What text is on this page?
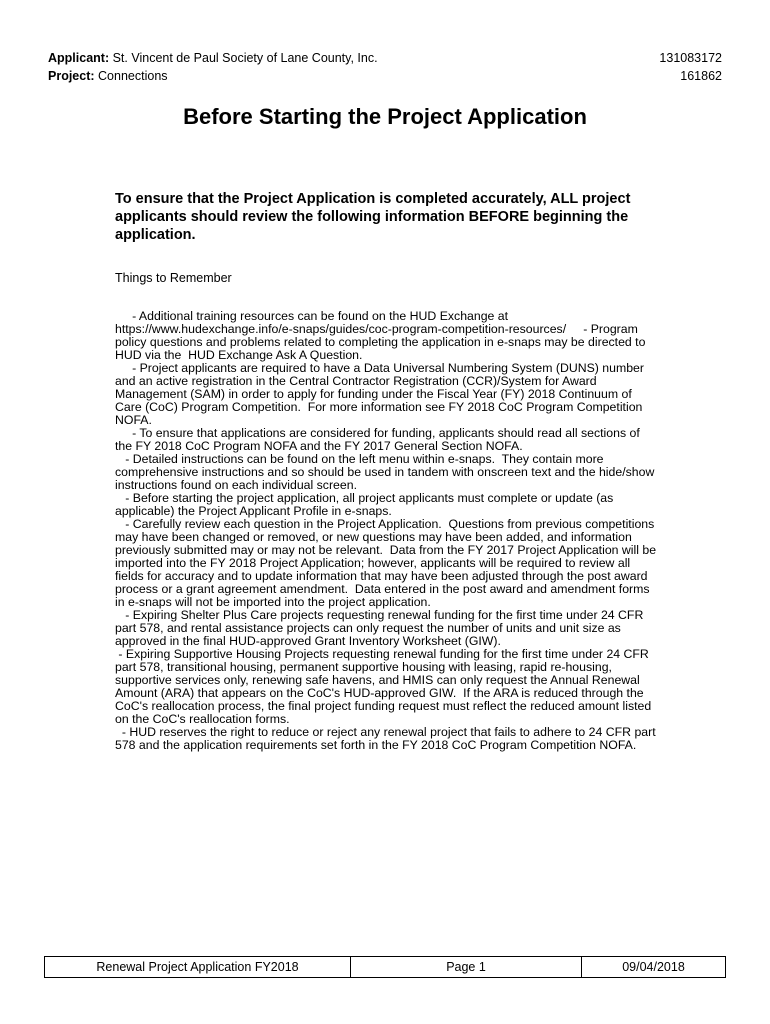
Applicant: St. Vincent de Paul Society of Lane County, Inc.	131083172
Project: Connections	161862
Before Starting the Project Application
To ensure that the Project Application is completed accurately, ALL project applicants should review the following information BEFORE beginning the application.
Things to Remember

- Additional training resources can be found on the HUD Exchange at https://www.hudexchange.info/e-snaps/guides/coc-program-competition-resources/     - Program policy questions and problems related to completing the application in e-snaps may be directed to HUD via the  HUD Exchange Ask A Question.

- Project applicants are required to have a Data Universal Numbering System (DUNS) number and an active registration in the Central Contractor Registration (CCR)/System for Award Management (SAM) in order to apply for funding under the Fiscal Year (FY) 2018 Continuum of Care (CoC) Program Competition.  For more information see FY 2018 CoC Program Competition NOFA.

- To ensure that applications are considered for funding, applicants should read all sections of the FY 2018 CoC Program NOFA and the FY 2017 General Section NOFA.

- Detailed instructions can be found on the left menu within e-snaps.  They contain more comprehensive instructions and so should be used in tandem with onscreen text and the hide/show instructions found on each individual screen.

- Before starting the project application, all project applicants must complete or update (as applicable) the Project Applicant Profile in e-snaps.

- Carefully review each question in the Project Application.  Questions from previous competitions may have been changed or removed, or new questions may have been added, and information previously submitted may or may not be relevant.  Data from the FY 2017 Project Application will be imported into the FY 2018 Project Application; however, applicants will be required to review all fields for accuracy and to update information that may have been adjusted through the post award process or a grant agreement amendment.  Data entered in the post award and amendment forms in e-snaps will not be imported into the project application.

- Expiring Shelter Plus Care projects requesting renewal funding for the first time under 24 CFR part 578, and rental assistance projects can only request the number of units and unit size as approved in the final HUD-approved Grant Inventory Worksheet (GIW).

- Expiring Supportive Housing Projects requesting renewal funding for the first time under 24 CFR part 578, transitional housing, permanent supportive housing with leasing, rapid re-housing, supportive services only, renewing safe havens, and HMIS can only request the Annual Renewal Amount (ARA) that appears on the CoC's HUD-approved GIW.  If the ARA is reduced through the CoC's reallocation process, the final project funding request must reflect the reduced amount listed on the CoC's reallocation forms.

- HUD reserves the right to reduce or reject any renewal project that fails to adhere to 24 CFR part 578 and the application requirements set forth in the FY 2018 CoC Program Competition NOFA.

Renewal Project Application FY2018	Page 1	09/04/2018
